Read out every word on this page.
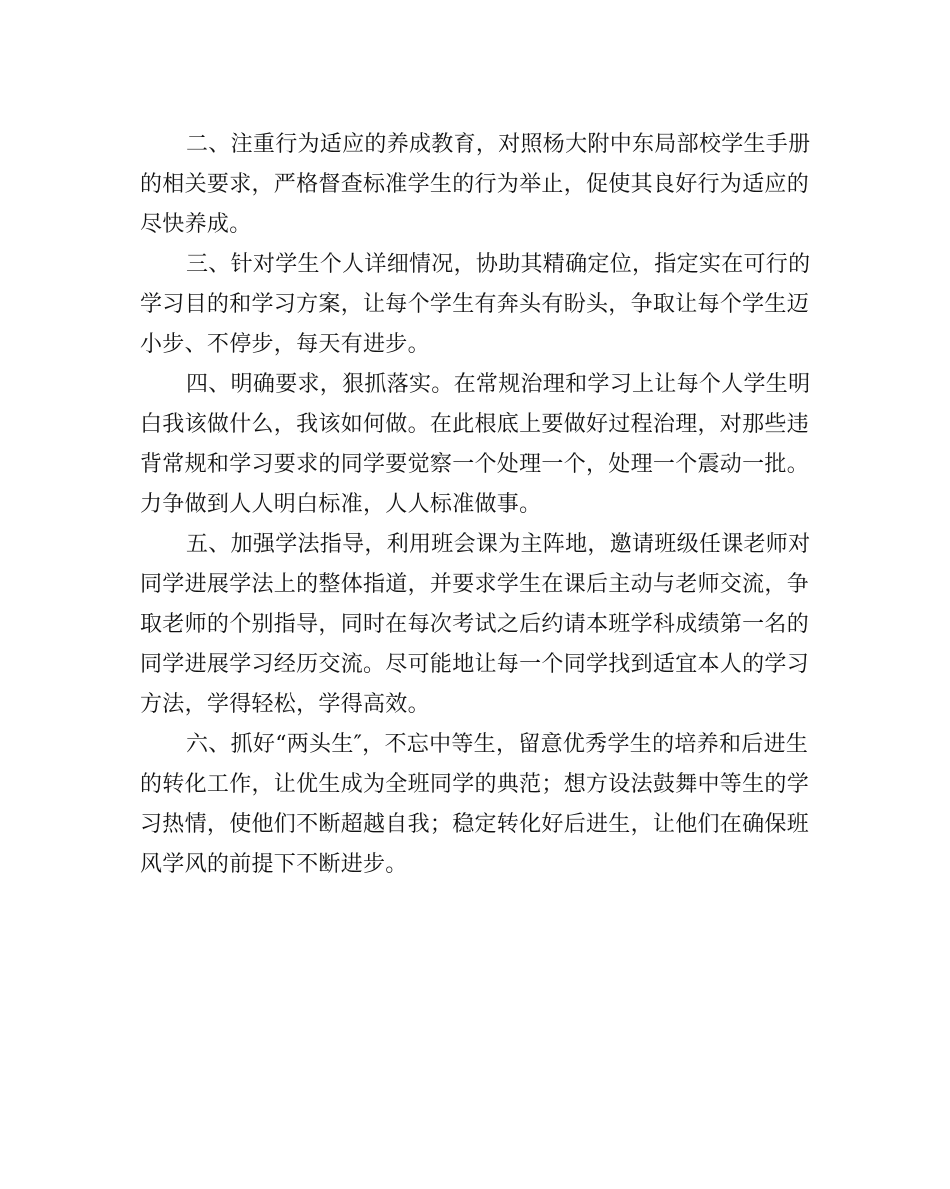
二、注重行为适应的养成教育，对照杨大附中东局部校学生手册
的相关要求，严格督查标准学生的行为举止，促使其良好行为适应的
尽快养成。

三、针对学生个人详细情况，协助其精确定位，指定实在可行的
学习目的和学习方案，让每个学生有奔头有盼头，争取让每个学生迈
小步、不停步，每天有进步。

四、明确要求，狠抓落实。在常规治理和学习上让每个人学生明
白我该做什么，我该如何做。在此根底上要做好过程治理，对那些违
背常规和学习要求的同学要觉察一个处理一个，处理一个震动一批。
力争做到人人明白标准，人人标准做事。

五、加强学法指导，利用班会课为主阵地，邀请班级任课老师对
同学进展学法上的整体指道，并要求学生在课后主动与老师交流，争
取老师的个别指导，同时在每次考试之后约请本班学科成绩第一名的
同学进展学习经历交流。尽可能地让每一个同学找到适宜本人的学习
方法，学得轻松，学得高效。

六、抓好“两头生″，不忘中等生，留意优秀学生的培养和后进生
的转化工作，让优生成为全班同学的典范；想方设法鼓舞中等生的学
习热情，使他们不断超越自我；稳定转化好后进生，让他们在确保班
风学风的前提下不断进步。
